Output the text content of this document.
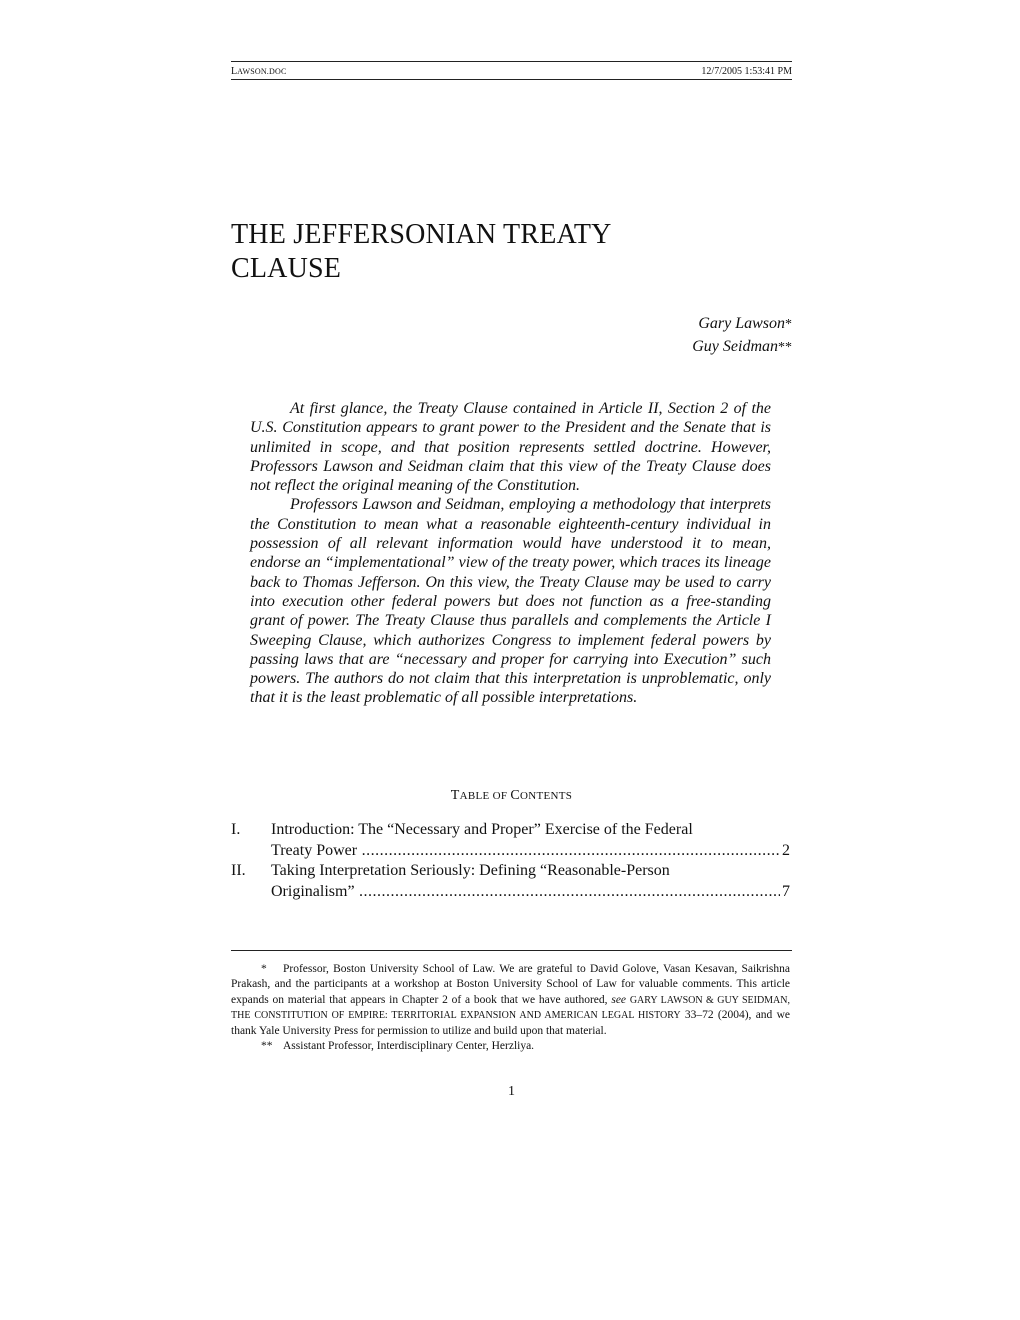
LAWSON.DOC	12/7/2005 1:53:41 PM
THE JEFFERSONIAN TREATY
CLAUSE
Gary Lawson*
Guy Seidman**

At first glance, the Treaty Clause contained in Article II, Section 2 of the U.S. Constitution appears to grant power to the President and the Senate that is unlimited in scope, and that position represents settled doctrine. However, Professors Lawson and Seidman claim that this view of the Treaty Clause does not reflect the original meaning of the Constitution.

Professors Lawson and Seidman, employing a methodology that interprets the Constitution to mean what a reasonable eighteenth-century individual in possession of all relevant information would have understood it to mean, endorse an “implementational” view of the treaty power, which traces its lineage back to Thomas Jefferson. On this view, the Treaty Clause may be used to carry into execution other federal powers but does not function as a free-standing grant of power. The Treaty Clause thus parallels and complements the Article I Sweeping Clause, which authorizes Congress to implement federal powers by passing laws that are “necessary and proper for carrying into Execution” such powers. The authors do not claim that this interpretation is unproblematic, only that it is the least problematic of all possible interpretations.

TABLE OF CONTENTS
I. Introduction: The “Necessary and Proper” Exercise of the Federal
Treaty Power .....	2
II. Taking Interpretation Seriously: Defining “Reasonable-Person
Originalism” .....	7

* Professor, Boston University School of Law. We are grateful to David Golove, Vasan Kesavan, Saikrishna Prakash, and the participants at a workshop at Boston University School of Law for valuable comments. This article expands on material that appears in Chapter 2 of a book that we have authored, see GARY LAWSON & GUY SEIDMAN, THE CONSTITUTION OF EMPIRE: TERRITORIAL EXPANSION AND AMERICAN LEGAL HISTORY 33–72 (2004), and we thank Yale University Press for permission to utilize and build upon that material.

** Assistant Professor, Interdisciplinary Center, Herzliya.

1
